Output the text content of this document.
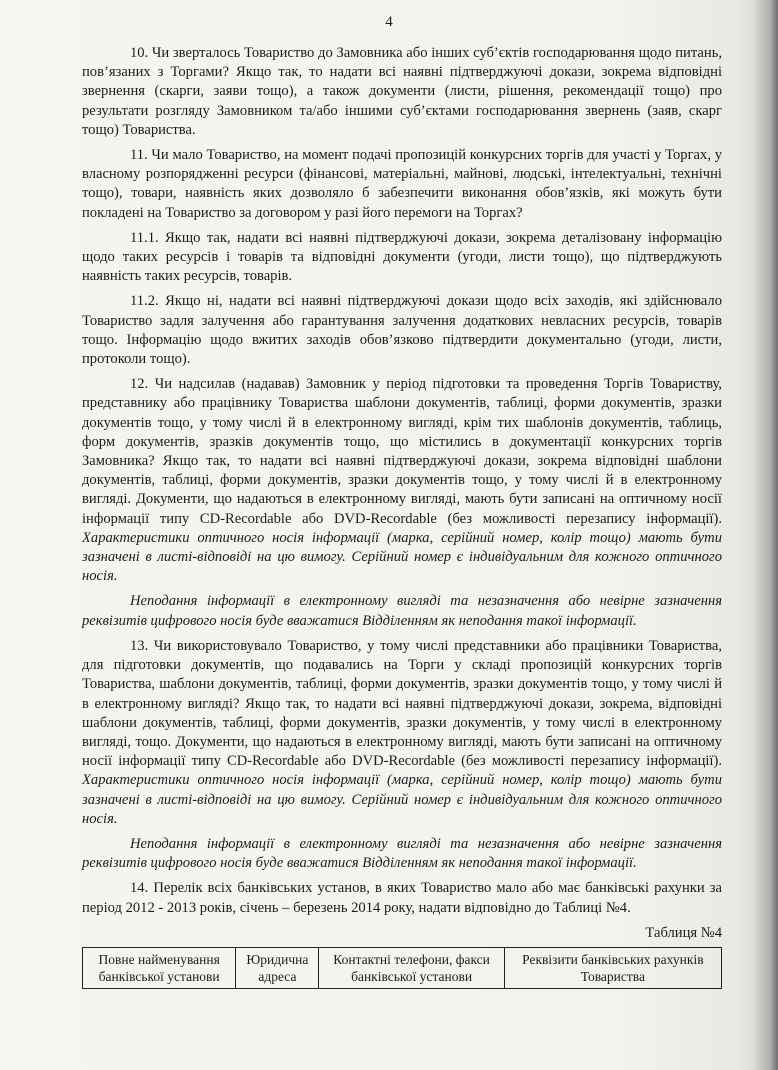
4

10. Чи зверталось Товариство до Замовника або інших суб’єктів господарювання щодо питань, пов’язаних з Торгами? Якщо так, то надати всі наявні підтверджуючі докази, зокрема відповідні звернення (скарги, заяви тощо), а також документи (листи, рішення, рекомендації тощо) про результати розгляду Замовником та/або іншими суб’єктами господарювання звернень (заяв, скарг тощо) Товариства.

11. Чи мало Товариство, на момент подачі пропозицій конкурсних торгів для участі у Торгах, у власному розпорядженні ресурси (фінансові, матеріальні, майнові, людські, інтелектуальні, технічні тощо), товари, наявність яких дозволяло б забезпечити виконання обов’язків, які можуть бути покладені на Товариство за договором у разі його перемоги на Торгах?

11.1. Якщо так, надати всі наявні підтверджуючі докази, зокрема деталізовану інформацію щодо таких ресурсів і товарів та відповідні документи (угоди, листи тощо), що підтверджують наявність таких ресурсів, товарів.

11.2. Якщо ні, надати всі наявні підтверджуючі докази щодо всіх заходів, які здійснювало Товариство задля залучення або гарантування залучення додаткових невласних ресурсів, товарів тощо. Інформацію щодо вжитих заходів обов’язково підтвердити документально (угоди, листи, протоколи тощо).

12. Чи надсилав (надавав) Замовник у період підготовки та проведення Торгів Товариству, представнику або працівнику Товариства шаблони документів, таблиці, форми документів, зразки документів тощо, у тому числі й в електронному вигляді, крім тих шаблонів документів, таблиць, форм документів, зразків документів тощо, що містились в документації конкурсних торгів Замовника? Якщо так, то надати всі наявні підтверджуючі докази, зокрема відповідні шаблони документів, таблиці, форми документів, зразки документів тощо, у тому числі й в електронному вигляді. Документи, що надаються в електронному вигляді, мають бути записані на оптичному носії інформації типу CD-Recordable або DVD-Recordable (без можливості перезапису інформації). Характеристики оптичного носія інформації (марка, серійний номер, колір тощо) мають бути зазначені в листі-відповіді на цю вимогу. Серійний номер є індивідуальним для кожного оптичного носія.

Неподання інформації в електронному вигляді та незазначення або невірне зазначення реквізитів цифрового носія буде вважатися Відділенням як неподання такої інформації.

13. Чи використовувало Товариство, у тому числі представники або працівники Товариства, для підготовки документів, що подавались на Торги у складі пропозицій конкурсних торгів Товариства, шаблони документів, таблиці, форми документів, зразки документів тощо, у тому числі й в електронному вигляді? Якщо так, то надати всі наявні підтверджуючі докази, зокрема, відповідні шаблони документів, таблиці, форми документів, зразки документів, у тому числі в електронному вигляді, тощо. Документи, що надаються в електронному вигляді, мають бути записані на оптичному носії інформації типу CD-Recordable або DVD-Recordable (без можливості перезапису інформації). Характеристики оптичного носія інформації (марка, серійний номер, колір тощо) мають бути зазначені в листі-відповіді на цю вимогу. Серійний номер є індивідуальним для кожного оптичного носія.

Неподання інформації в електронному вигляді та незазначення або невірне зазначення реквізитів цифрового носія буде вважатися Відділенням як неподання такої інформації.

14. Перелік всіх банківських установ, в яких Товариство мало або має банківські рахунки за період 2012 - 2013 років, січень – березень 2014 року, надати відповідно до Таблиці №4.

Таблиця №4
Повне найменування банківської установи	Юридична адреса	Контактні телефони, факси банківської установи	Реквізити банківських рахунків Товариства
